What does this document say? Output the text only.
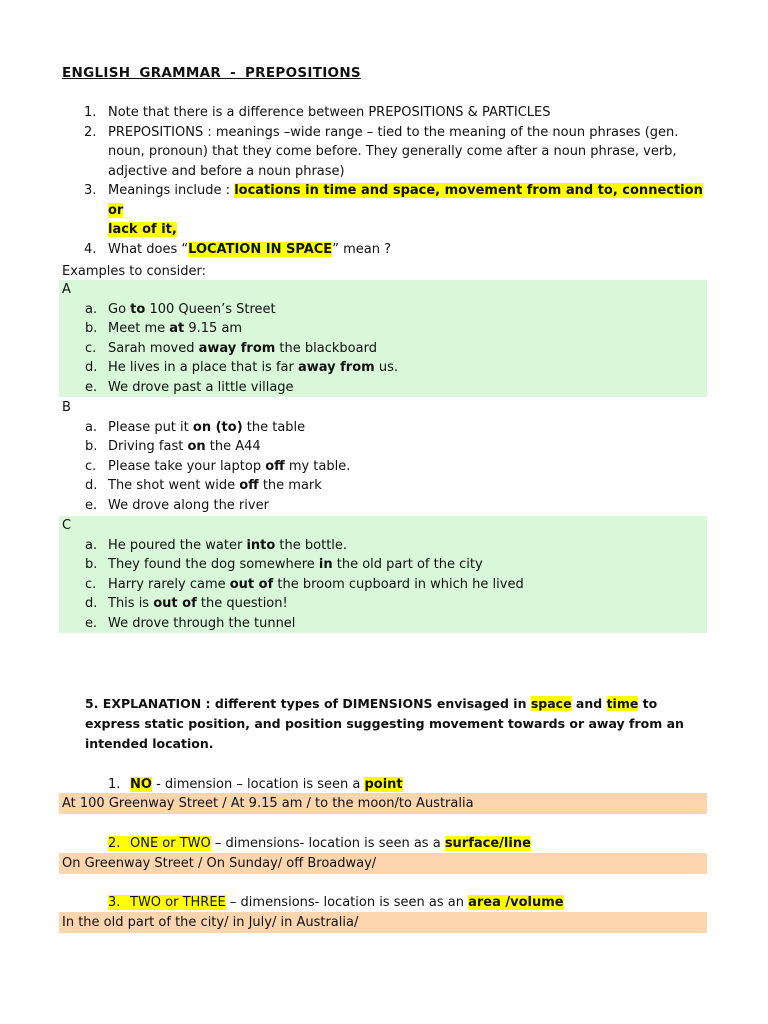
ENGLISH GRAMMAR - PREPOSITIONS
1. Note that there is a difference between PREPOSITIONS & PARTICLES
2. PREPOSITIONS : meanings –wide range – tied to the meaning of the noun phrases (gen.
noun, pronoun) that they come before. They generally come after a noun phrase, verb,
adjective and before a noun phrase)
3. Meanings include : locations in time and space, movement from and to, connection or
lack of it,
4. What does “LOCATION IN SPACE” mean ?
Examples to consider:
A
a. Go to 100 Queen’s Street
b. Meet me at 9.15 am
c. Sarah moved away from the blackboard
d. He lives in a place that is far away from us.
e. We drove past a little village
B
a. Please put it on (to) the table
b. Driving fast on the A44
c. Please take your laptop off my table.
d. The shot went wide off the mark
e. We drove along the river
C
a. He poured the water into the bottle.
b. They found the dog somewhere in the old part of the city
c. Harry rarely came out of the broom cupboard in which he lived
d. This is out of the question!
e. We drove through the tunnel
5. EXPLANATION : different types of DIMENSIONS envisaged in space and time to
express static position, and position suggesting movement towards or away from an
intended location.
1. NO - dimension – location is seen a point
At 100 Greenway Street / At 9.15 am / to the moon/to Australia
2. ONE or TWO – dimensions- location is seen as a surface/line
On Greenway Street / On Sunday/ off Broadway/
3. TWO or THREE – dimensions- location is seen as an area /volume
In the old part of the city/ in July/ in Australia/
